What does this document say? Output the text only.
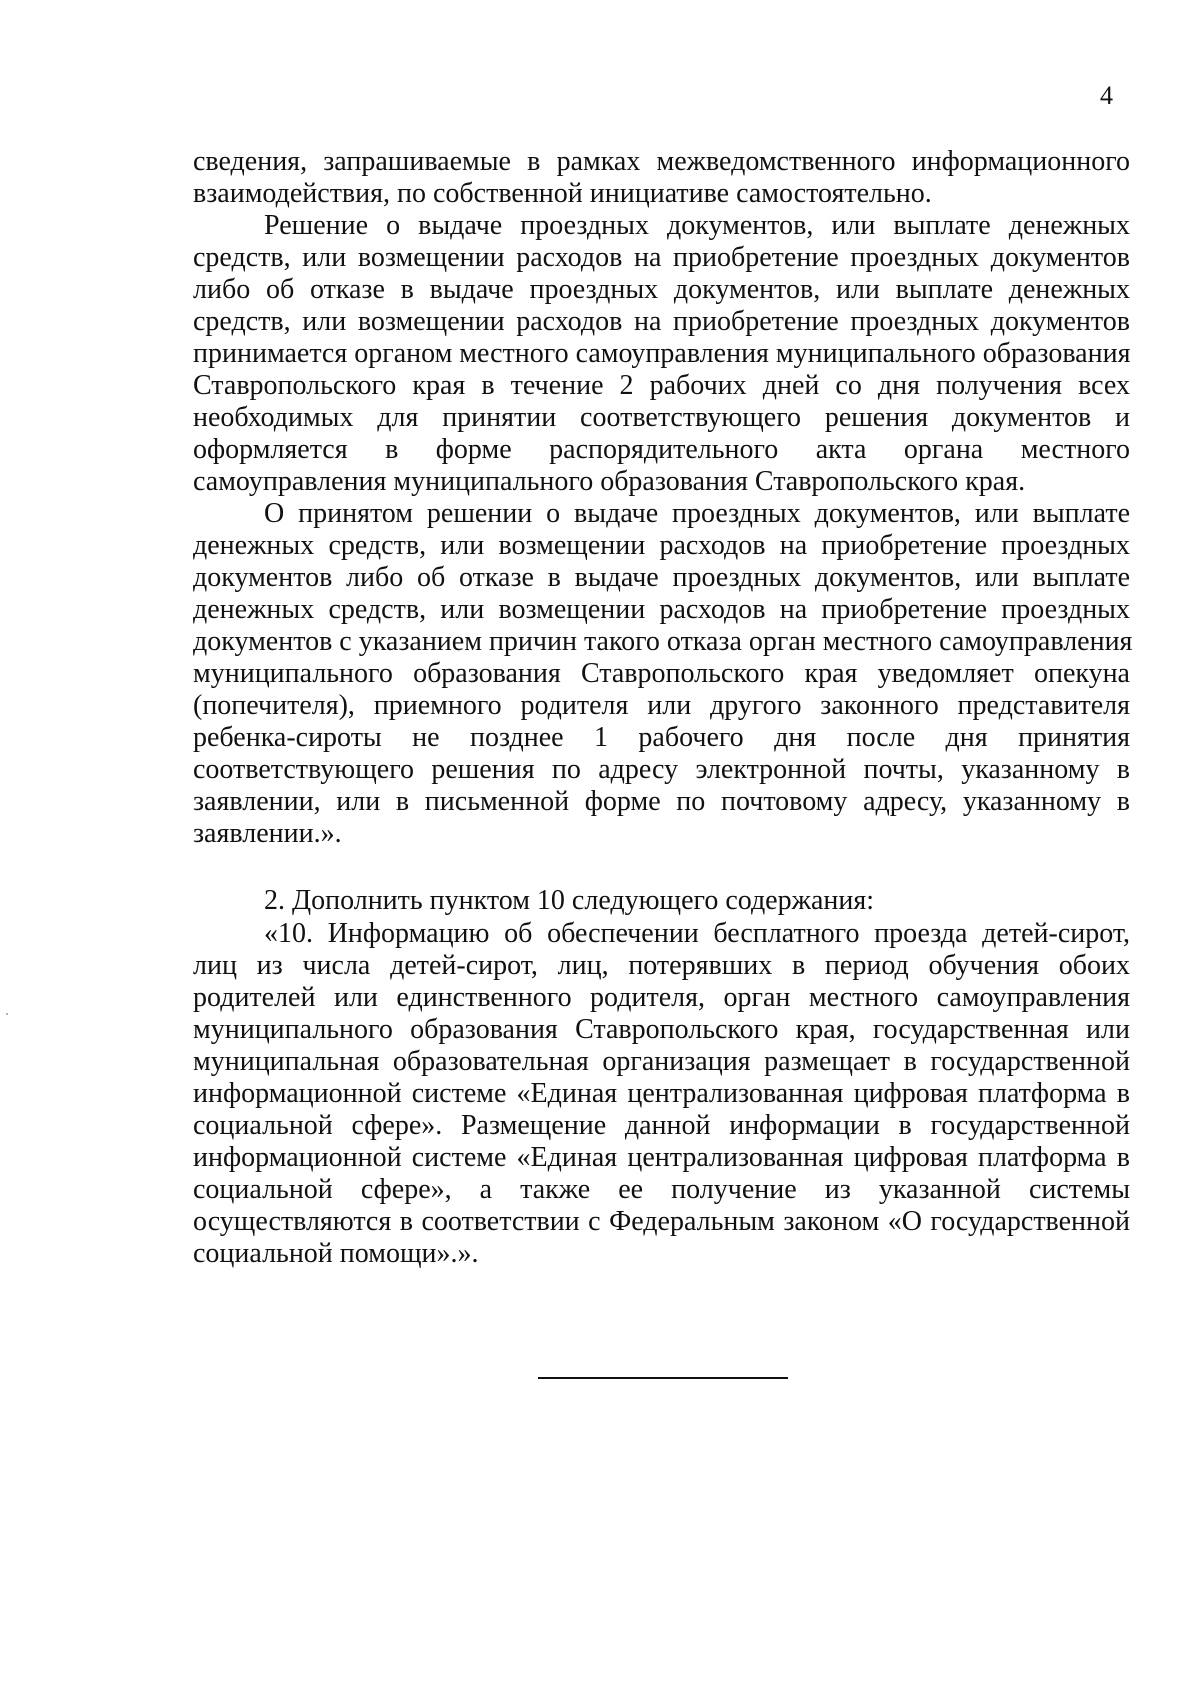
4
сведения, запрашиваемые в рамках межведомственного информационного
взаимодействия, по собственной инициативе самостоятельно.
Решение о выдаче проездных документов, или выплате денежных
средств, или возмещении расходов на приобретение проездных документов
либо об отказе в выдаче проездных документов, или выплате денежных
средств, или возмещении расходов на приобретение проездных документов
принимается органом местного самоуправления муниципального образования
Ставропольского края в течение 2 рабочих дней со дня получения всех
необходимых для принятии соответствующего решения документов и
оформляется в форме распорядительного акта органа местного
самоуправления муниципального образования Ставропольского края.
О принятом решении о выдаче проездных документов, или выплате
денежных средств, или возмещении расходов на приобретение проездных
документов либо об отказе в выдаче проездных документов, или выплате
денежных средств, или возмещении расходов на приобретение проездных
документов с указанием причин такого отказа орган местного самоуправления
муниципального образования Ставропольского края уведомляет опекуна
(попечителя), приемного родителя или другого законного представителя
ребенка-сироты не позднее 1 рабочего дня после дня принятия
соответствующего решения по адресу электронной почты, указанному в
заявлении, или в письменной форме по почтовому адресу, указанному в
заявлении.».
2. Дополнить пунктом 10 следующего содержания:
«10. Информацию об обеспечении бесплатного проезда детей-сирот,
лиц из числа детей-сирот, лиц, потерявших в период обучения обоих
родителей или единственного родителя, орган местного самоуправления
муниципального образования Ставропольского края, государственная или
муниципальная образовательная организация размещает в государственной
информационной системе «Единая централизованная цифровая платформа в
социальной сфере». Размещение данной информации в государственной
информационной системе «Единая централизованная цифровая платформа в
социальной сфере», а также ее получение из указанной системы
осуществляются в соответствии с Федеральным законом «О государственной
социальной помощи».».
